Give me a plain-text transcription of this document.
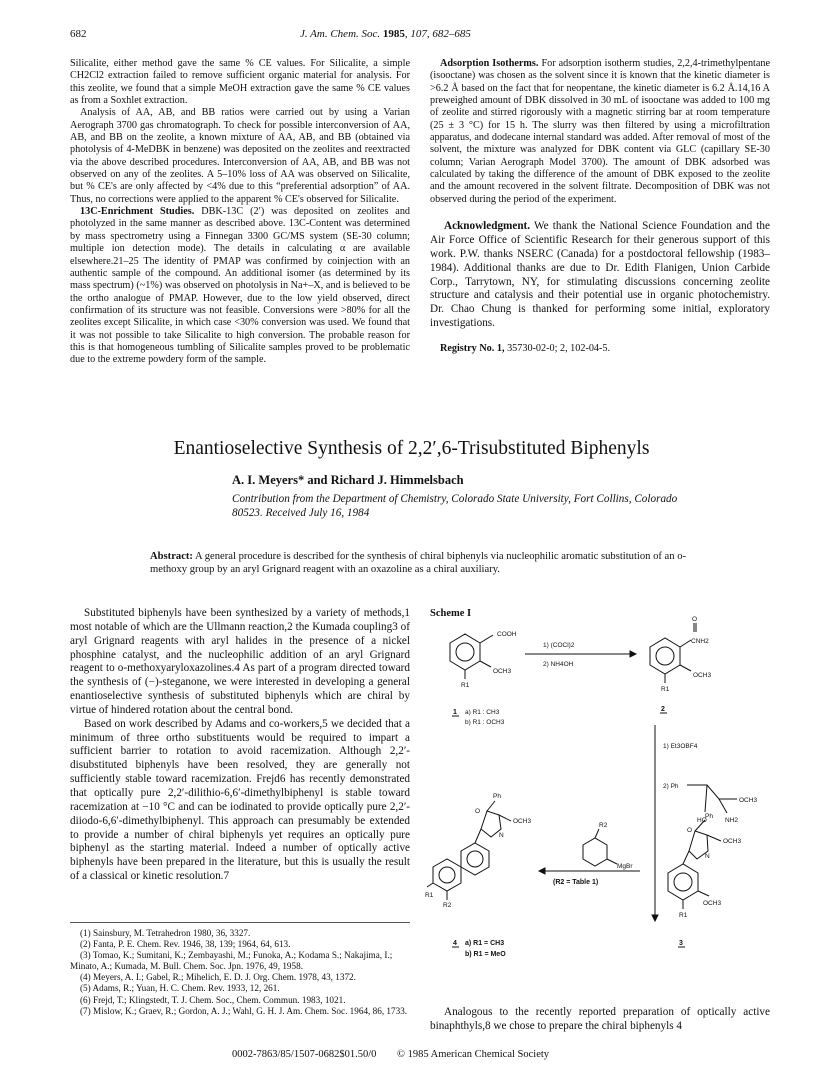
682	J. Am. Chem. Soc. 1985, 107, 682–685

Silicalite, either method gave the same % CE values. For Silicalite, a simple CH2Cl2 extraction failed to remove sufficient organic material for analysis. For this zeolite, we found that a simple MeOH extraction gave the same % CE values as from a Soxhlet extraction.

Analysis of AA, AB, and BB ratios were carried out by using a Varian Aerograph 3700 gas chromatograph. To check for possible interconversion of AA, AB, and BB on the zeolite, a known mixture of AA, AB, and BB (obtained via photolysis of 4-MeDBK in benzene) was deposited on the zeolites and reextracted via the above described procedures. Interconversion of AA, AB, and BB was not observed on any of the zeolites. A 5–10% loss of AA was observed on Silicalite, but % CE's are only affected by <4% due to this “preferential adsorption” of AA. Thus, no corrections were applied to the apparent % CE's observed for Silicalite.

13C-Enrichment Studies. DBK-13C (2′) was deposited on zeolites and photolyzed in the same manner as described above. 13C-Content was determined by mass spectrometry using a Finnegan 3300 GC/MS system (SE-30 column; multiple ion detection mode). The details in calculating α are available elsewhere.21–25 The identity of PMAP was confirmed by coinjection with an authentic sample of the compound. An additional isomer (as determined by its mass spectrum) (~1%) was observed on photolysis in Na+–X, and is believed to be the ortho analogue of PMAP. However, due to the low yield observed, direct confirmation of its structure was not feasible. Conversions were >80% for all the zeolites except Silicalite, in which case <30% conversion was used. We found that it was not possible to take Silicalite to high conversion. The probable reason for this is that homogeneous tumbling of Silicalite samples proved to be problematic due to the extreme powdery form of the sample.

Adsorption Isotherms. For adsorption isotherm studies, 2,2,4-trimethylpentane (isooctane) was chosen as the solvent since it is known that the kinetic diameter is >6.2 Å based on the fact that for neopentane, the kinetic diameter is 6.2 Å.14,16 A preweighed amount of DBK dissolved in 30 mL of isooctane was added to 100 mg of zeolite and stirred rigorously with a magnetic stirring bar at room temperature (25 ± 3 °C) for 15 h. The slurry was then filtered by using a microfiltration apparatus, and dodecane internal standard was added. After removal of most of the solvent, the mixture was analyzed for DBK content via GLC (capillary SE-30 column; Varian Aerograph Model 3700). The amount of DBK adsorbed was calculated by taking the difference of the amount of DBK exposed to the zeolite and the amount recovered in the solvent filtrate. Decomposition of DBK was not observed during the period of the experiment.

Acknowledgment. We thank the National Science Foundation and the Air Force Office of Scientific Research for their generous support of this work. P.W. thanks NSERC (Canada) for a postdoctoral fellowship (1983–1984). Additional thanks are due to Dr. Edith Flanigen, Union Carbide Corp., Tarrytown, NY, for stimulating discussions concerning zeolite structure and catalysis and their potential use in organic photochemistry. Dr. Chao Chung is thanked for performing some initial, exploratory investigations.

Registry No. 1, 35730-02-0; 2, 102-04-5.

Enantioselective Synthesis of 2,2′,6-Trisubstituted Biphenyls
A. I. Meyers* and Richard J. Himmelsbach
Contribution from the Department of Chemistry, Colorado State University, Fort Collins, Colorado 80523. Received July 16, 1984
Abstract: A general procedure is described for the synthesis of chiral biphenyls via nucleophilic aromatic substitution of an o-methoxy group by an aryl Grignard reagent with an oxazoline as a chiral auxiliary.

Substituted biphenyls have been synthesized by a variety of methods,1 most notable of which are the Ullmann reaction,2 the Kumada coupling3 of aryl Grignard reagents with aryl halides in the presence of a nickel phosphine catalyst, and the nucleophilic addition of an aryl Grignard reagent to o-methoxyaryloxazolines.4 As part of a program directed toward the synthesis of (−)-steganone, we were interested in developing a general enantioselective synthesis of substituted biphenyls which are chiral by virtue of hindered rotation about the central bond.

Based on work described by Adams and co-workers,5 we decided that a minimum of three ortho substituents would be required to impart a sufficient barrier to rotation to avoid racemization. Although 2,2′-disubstituted biphenyls have been resolved, they are generally not sufficiently stable toward racemization. Frejd6 has recently demonstrated that optically pure 2,2′-dilithio-6,6′-dimethylbiphenyl is stable toward racemization at −10 °C and can be iodinated to provide optically pure 2,2′-diiodo-6,6′-dimethylbiphenyl. This approach can presumably be extended to provide a number of chiral biphenyls yet requires an optically pure biphenyl as the starting material. Indeed a number of optically active biphenyls have been prepared in the literature, but this is usually the result of a classical or kinetic resolution.7

(1) Sainsbury, M. Tetrahedron 1980, 36, 3327.
(2) Fanta, P. E. Chem. Rev. 1946, 38, 139; 1964, 64, 613.
(3) Tomao, K.; Sumitani, K.; Zembayashi, M.; Funoka, A.; Kodama S.; Nakajima, I.; Minato, A.; Kumada, M. Bull. Chem. Soc. Jpn. 1976, 49, 1958.
(4) Meyers, A. I.; Gabel, R.; Mihelich, E. D. J. Org. Chem. 1978, 43, 1372.
(5) Adams, R.; Yuan, H. C. Chem. Rev. 1933, 12, 261.
(6) Frejd, T.; Klingstedt, T. J. Chem. Soc., Chem. Commun. 1983, 1021.
(7) Mislow, K.; Graev, R.; Gordon, A. J.; Wahl, G. H. J. Am. Chem. Soc. 1964, 86, 1733.
Scheme I
COOH
OCH3
R1
1) (COCl)2
2) NH4OH
O
CNH2
OCH3
R1
1 a) R1 : CH3
b) R1 : OCH3
2
1) Et3OBF4
2) Ph
OCH3
HO	NH2
Ph
OCH3
O
N
OCH3
R1
3
R2
MgBr
(R2 = Table 1)
Ph
OCH3
O
N
R2
R1
4 a) R1 = CH3
b) R1 = MeO

Analogous to the recently reported preparation of optically active binaphthyls,8 we chose to prepare the chiral biphenyls 4

0002-7863/85/1507-0682$01.50/0 © 1985 American Chemical Society
